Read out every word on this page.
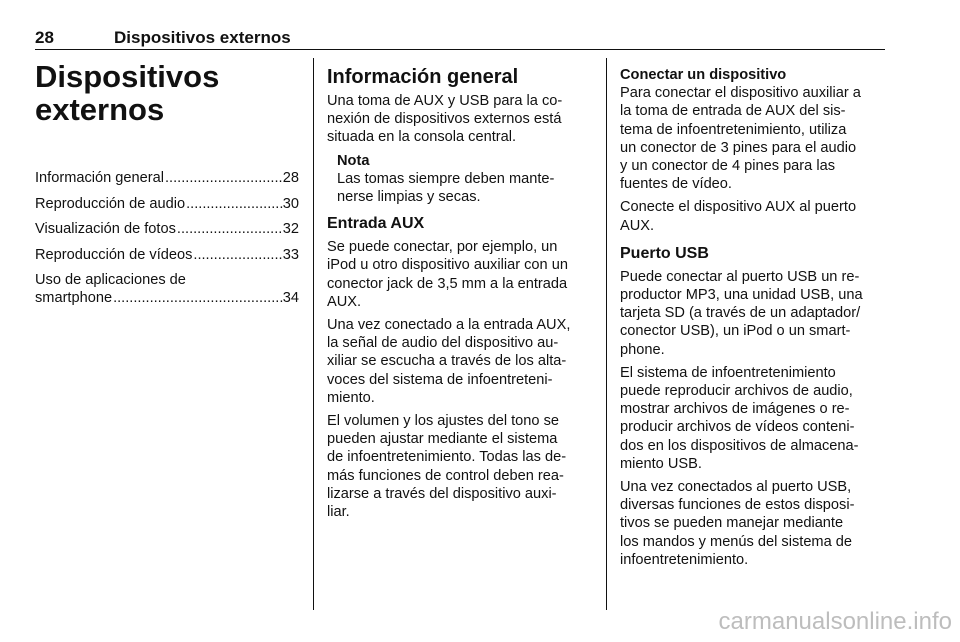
28	Dispositivos externos
Dispositivos
externos
Información general .....	28
Reproducción de audio .....	30
Visualización de fotos .....	32
Reproducción de vídeos .....	33
Uso de aplicaciones de
smartphone .....	34
Información general

Una toma de AUX y USB para la co-
nexión de dispositivos externos está
situada en la consola central.

Nota
Las tomas siempre deben mante-
nerse limpias y secas.
Entrada AUX

Se puede conectar, por ejemplo, un
iPod u otro dispositivo auxiliar con un
conector jack de 3,5 mm a la entrada
AUX.

Una vez conectado a la entrada AUX,
la señal de audio del dispositivo au-
xiliar se escucha a través de los alta-
voces del sistema de infoentreteni-
miento.

El volumen y los ajustes del tono se
pueden ajustar mediante el sistema
de infoentretenimiento. Todas las de-
más funciones de control deben rea-
lizarse a través del dispositivo auxi-
liar.

Conectar un dispositivo

Para conectar el dispositivo auxiliar a
la toma de entrada de AUX del sis-
tema de infoentretenimiento, utiliza
un conector de 3 pines para el audio
y un conector de 4 pines para las
fuentes de vídeo.

Conecte el dispositivo AUX al puerto
AUX.

Puerto USB

Puede conectar al puerto USB un re-
productor MP3, una unidad USB, una
tarjeta SD (a través de un adaptador/
conector USB), un iPod o un smart-
phone.

El sistema de infoentretenimiento
puede reproducir archivos de audio,
mostrar archivos de imágenes o re-
producir archivos de vídeos conteni-
dos en los dispositivos de almacena-
miento USB.

Una vez conectados al puerto USB,
diversas funciones de estos disposi-
tivos se pueden manejar mediante
los mandos y menús del sistema de
infoentretenimiento.

carmanualsonline.info
